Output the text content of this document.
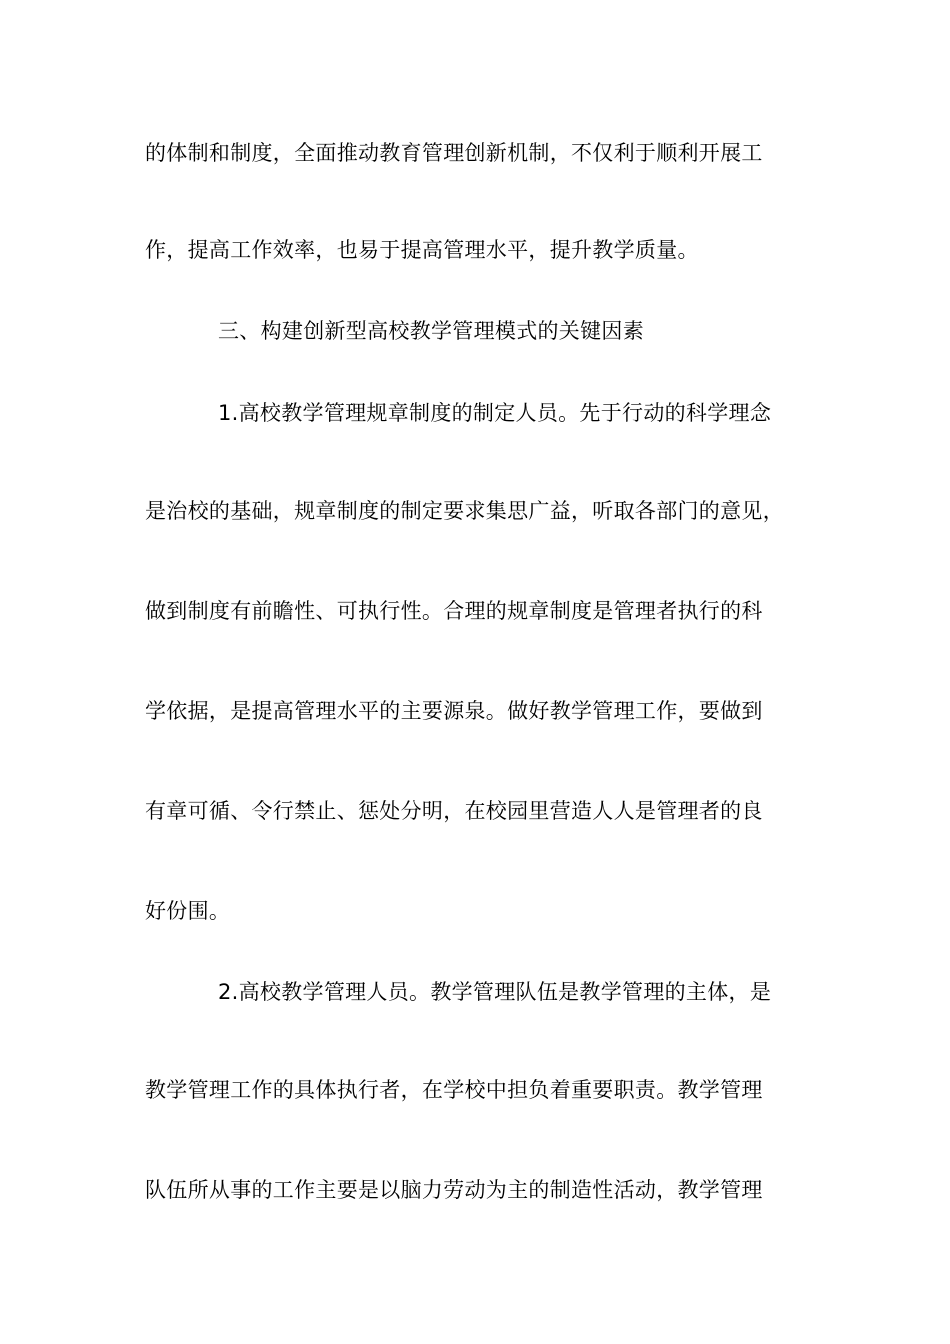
的体制和制度，全面推动教育管理创新机制，不仅利于顺利开展工
作，提高工作效率，也易于提高管理水平，提升教学质量。
三、构建创新型高校教学管理模式的关键因素
1.高校教学管理规章制度的制定人员。先于行动的科学理念
是治校的基础，规章制度的制定要求集思广益，听取各部门的意见，
做到制度有前瞻性、可执行性。合理的规章制度是管理者执行的科
学依据，是提高管理水平的主要源泉。做好教学管理工作，要做到
有章可循、令行禁止、惩处分明，在校园里营造人人是管理者的良
好份围。
2.高校教学管理人员。教学管理队伍是教学管理的主体，是
教学管理工作的具体执行者，在学校中担负着重要职责。教学管理
队伍所从事的工作主要是以脑力劳动为主的制造性活动，教学管理
